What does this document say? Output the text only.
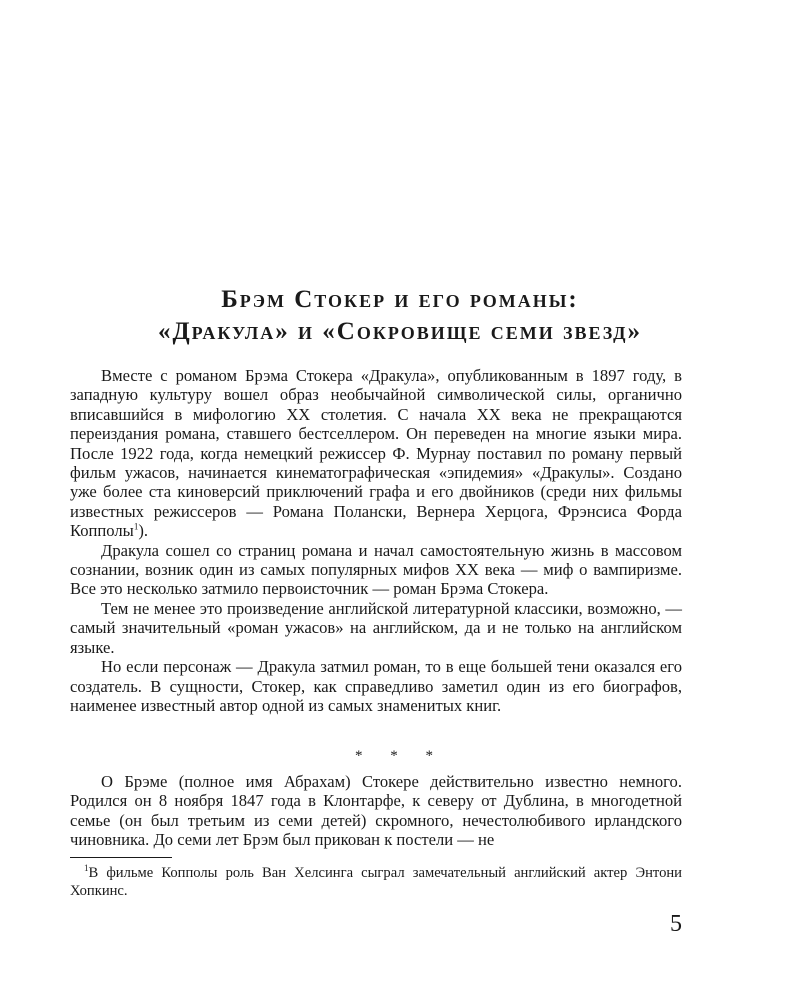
Брэм Стокер и его романы:
«Дракула» и «Сокровище семи звезд»

Вместе с романом Брэма Стокера «Дракула», опубликованным в 1897 году, в западную культуру вошел образ необычайной символической силы, органично вписавшийся в мифологию XX столетия. С начала XX века не прекращаются переиздания романа, ставшего бестселлером. Он переведен на многие языки мира. После 1922 года, когда немецкий режиссер Ф. Мурнау поставил по роману первый фильм ужасов, начинается кинематографическая «эпидемия» «Дракулы». Создано уже более ста киноверсий приключений графа и его двойников (среди них фильмы известных режиссеров — Романа Полански, Вернера Херцога, Фрэнсиса Форда Копполы$^1$).

Дракула сошел со страниц романа и начал самостоятельную жизнь в массовом сознании, возник один из самых популярных мифов XX века — миф о вампиризме. Все это несколько затмило первоисточник — роман Брэма Стокера.

Тем не менее это произведение английской литературной классики, возможно, — самый значительный «роман ужасов» на английском, да и не только на английском языке.

Но если персонаж — Дракула затмил роман, то в еще большей тени оказался его создатель. В сущности, Стокер, как справедливо заметил один из его биографов, наименее известный автор одной из самых знаменитых книг.

* * *

О Брэме (полное имя Абрахам) Стокере действительно известно немного. Родился он 8 ноября 1847 года в Клонтарфе, к северу от Дублина, в многодетной семье (он был третьим из семи детей) скромного, нечестолюбивого ирландского чиновника. До семи лет Брэм был прикован к постели — не

$^1$В фильме Копполы роль Ван Хелсинга сыграл замечательный английский актер Энтони Хопкинс.
5
